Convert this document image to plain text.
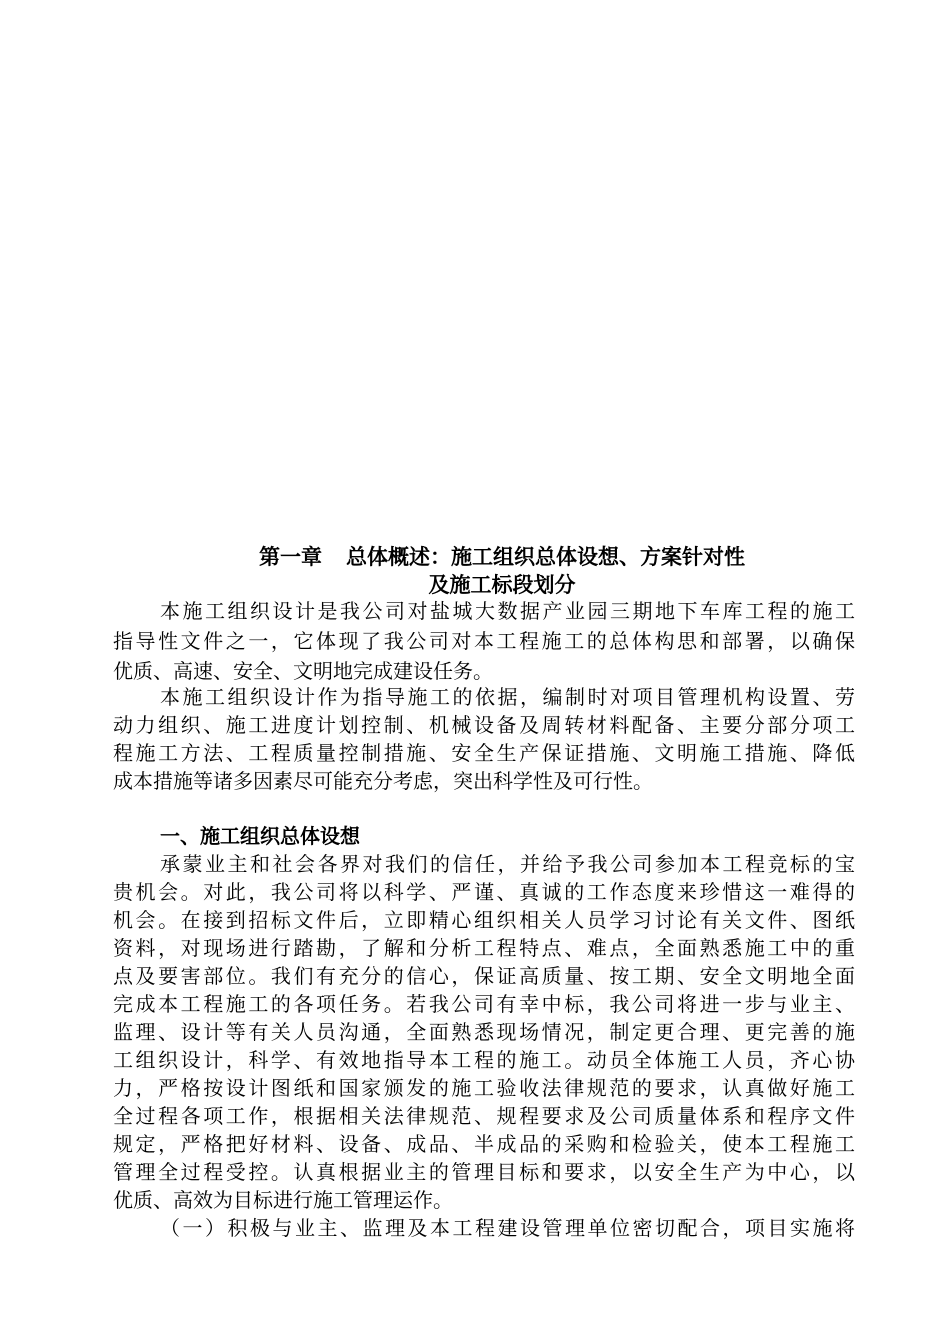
第一章 总体概述：施工组织总体设想、方案针对性
及施工标段划分
本施工组织设计是我公司对盐城大数据产业园三期地下车库工程的施工
指导性文件之一，它体现了我公司对本工程施工的总体构思和部署，以确保
优质、高速、安全、文明地完成建设任务。
本施工组织设计作为指导施工的依据，编制时对项目管理机构设置、劳
动力组织、施工进度计划控制、机械设备及周转材料配备、主要分部分项工
程施工方法、工程质量控制措施、安全生产保证措施、文明施工措施、降低
成本措施等诸多因素尽可能充分考虑，突出科学性及可行性。
一、施工组织总体设想
承蒙业主和社会各界对我们的信任，并给予我公司参加本工程竞标的宝
贵机会。对此，我公司将以科学、严谨、真诚的工作态度来珍惜这一难得的
机会。在接到招标文件后，立即精心组织相关人员学习讨论有关文件、图纸
资料，对现场进行踏勘，了解和分析工程特点、难点，全面熟悉施工中的重
点及要害部位。我们有充分的信心，保证高质量、按工期、安全文明地全面
完成本工程施工的各项任务。若我公司有幸中标，我公司将进一步与业主、
监理、设计等有关人员沟通，全面熟悉现场情况，制定更合理、更完善的施
工组织设计，科学、有效地指导本工程的施工。动员全体施工人员，齐心协
力，严格按设计图纸和国家颁发的施工验收法律规范的要求，认真做好施工
全过程各项工作，根据相关法律规范、规程要求及公司质量体系和程序文件
规定，严格把好材料、设备、成品、半成品的采购和检验关，使本工程施工
管理全过程受控。认真根据业主的管理目标和要求，以安全生产为中心，以
优质、高效为目标进行施工管理运作。
（一）积极与业主、监理及本工程建设管理单位密切配合，项目实施将
